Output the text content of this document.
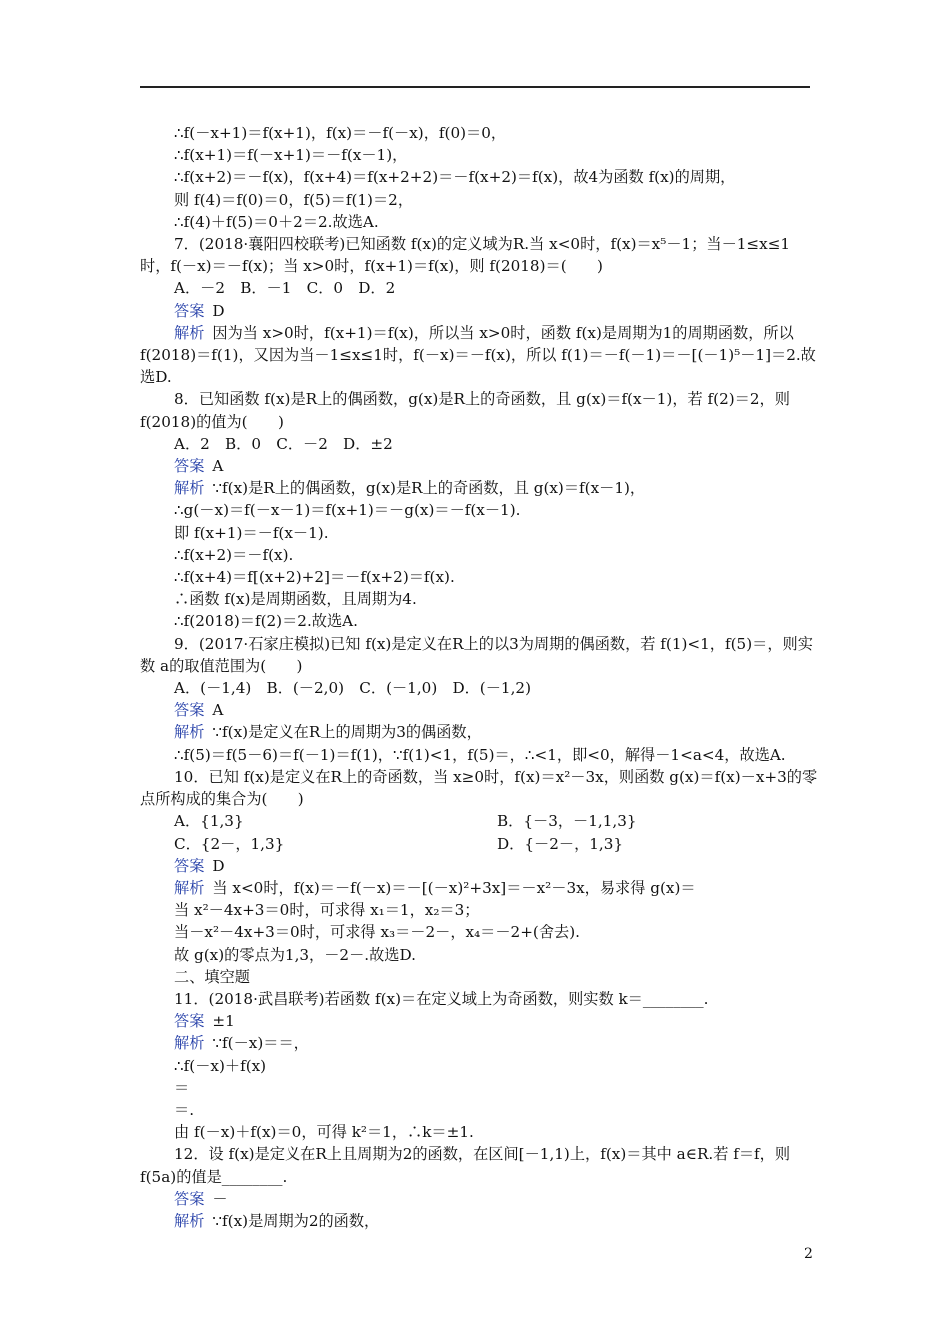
∴f(－x+1)＝f(x+1)，f(x)＝－f(－x)，f(0)＝0，
∴f(x+1)＝f(－x+1)＝－f(x－1)，
∴f(x+2)＝－f(x)，f(x+4)＝f(x+2+2)＝－f(x+2)＝f(x)，故4为函数 f(x)的周期，
则 f(4)＝f(0)＝0，f(5)＝f(1)＝2，
∴f(4)＋f(5)＝0＋2＝2.故选A.
7．(2018·襄阳四校联考)已知函数 f(x)的定义域为R.当 x<0时，f(x)＝x⁵－1；当－1≤x≤1时，f(－x)＝－f(x)；当 x>0时，f(x+1)＝f(x)，则 f(2018)＝(　　)
A．－2　B．－1　C．0　D．2
答案 D
解析 因为当 x>0时，f(x+1)＝f(x)，所以当 x>0时，函数 f(x)是周期为1的周期函数，所以 f(2018)＝f(1)，又因为当－1≤x≤1时，f(－x)＝－f(x)，所以 f(1)＝－f(－1)＝－[(－1)⁵－1]＝2.故选D.
8．已知函数 f(x)是R上的偶函数，g(x)是R上的奇函数，且 g(x)＝f(x－1)，若 f(2)＝2，则 f(2018)的值为(　　)
A．2　B．0　C．－2　D．±2
答案 A
解析 ∵f(x)是R上的偶函数，g(x)是R上的奇函数，且 g(x)＝f(x－1)，
∴g(－x)＝f(－x－1)＝f(x+1)＝－g(x)＝－f(x－1).
即 f(x+1)＝－f(x－1).
∴f(x+2)＝－f(x).
∴f(x+4)＝f[(x+2)+2]＝－f(x+2)＝f(x).
∴函数 f(x)是周期函数，且周期为4.
∴f(2018)＝f(2)＝2.故选A.
9．(2017·石家庄模拟)已知 f(x)是定义在R上的以3为周期的偶函数，若 f(1)<1，f(5)＝，则实数 a的取值范围为(　　)
A．(－1,4)　B．(－2,0)　C．(－1,0)　D．(－1,2)
答案 A
解析 ∵f(x)是定义在R上的周期为3的偶函数，
∴f(5)＝f(5－6)＝f(－1)＝f(1)，∵f(1)<1，f(5)＝，∴<1，即<0，解得－1<a<4，故选A.
10．已知 f(x)是定义在R上的奇函数，当 x≥0时，f(x)＝x²－3x，则函数 g(x)＝f(x)－x+3的零点所构成的集合为(　　)
A．{1,3}	B．{－3，－1,1,3}
C．{2－，1,3}	D．{－2－，1,3}
答案 D
解析 当 x<0时，f(x)＝－f(－x)＝－[(－x)²+3x]＝－x²－3x，易求得 g(x)＝
当 x²－4x+3＝0时，可求得 x₁＝1，x₂＝3；
当－x²－4x+3＝0时，可求得 x₃＝－2－，x₄＝－2+(舍去).
故 g(x)的零点为1,3，－2－.故选D.
二、填空题
11．(2018·武昌联考)若函数 f(x)＝在定义域上为奇函数，则实数 k＝________.
答案 ±1
解析 ∵f(－x)＝＝，
∴f(－x)＋f(x)
＝
＝.
由 f(－x)＋f(x)＝0，可得 k²＝1，∴k＝±1.
12．设 f(x)是定义在R上且周期为2的函数，在区间[－1,1)上，f(x)＝其中 a∈R.若 f＝f，则 f(5a)的值是________.
答案 －
解析 ∵f(x)是周期为2的函数，
2
